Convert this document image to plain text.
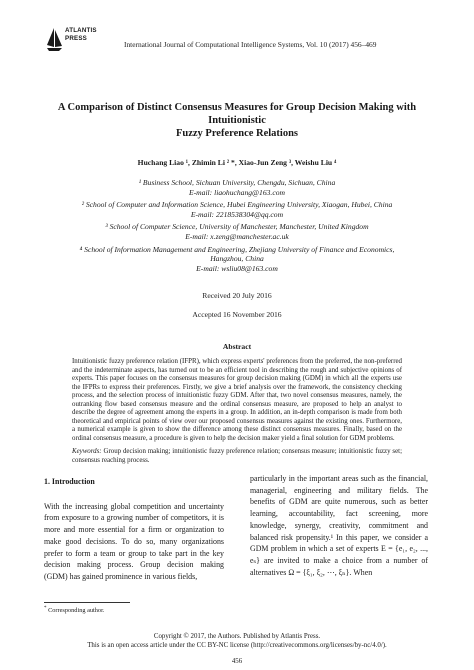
ATLANTIS
PRESS
International Journal of Computational Intelligence Systems, Vol. 10 (2017) 456–469
A Comparison of Distinct Consensus Measures for Group Decision Making with Intuitionistic
Fuzzy Preference Relations
Huchang Liao ¹, Zhimin Li ² *, Xiao-Jun Zeng ³, Weishu Liu ⁴
¹ Business School, Sichuan University, Chengdu, Sichuan, China
E-mail: liaohuchang@163.com
² School of Computer and Information Science, Hubei Engineering University, Xiaogan, Hubei, China
E-mail: 2218538304@qq.com
³ School of Computer Science, University of Manchester, Manchester, United Kingdom
E-mail: x.zeng@manchester.ac.uk
⁴ School of Information Management and Engineering, Zhejiang University of Finance and Economics,
Hangzhou, China
E-mail: wsliu08@163.com
Received 20 July 2016
Accepted 16 November 2016
Abstract
Intuitionistic fuzzy preference relation (IFPR), which express experts' preferences from the preferred, the non-preferred and the indeterminate aspects, has turned out to be an efficient tool in describing the rough and subjective opinions of experts. This paper focuses on the consensus measures for group decision making (GDM) in which all the experts use the IFPRs to express their preferences. Firstly, we give a brief analysis over the framework, the consistency checking process, and the selection process of intuitionistic fuzzy GDM. After that, two novel consensus measures, namely, the outranking flow based consensus measure and the ordinal consensus measure, are proposed to help an analyst to describe the degree of agreement among the experts in a group. In addition, an in-depth comparison is made from both theoretical and empirical points of view over our proposed consensus measures against the existing ones. Furthermore, a numerical example is given to show the difference among these distinct consensus measures. Finally, based on the ordinal consensus measure, a procedure is given to help the decision maker yield a final solution for GDM problems.
Keywords: Group decision making; intuitionistic fuzzy preference relation; consensus measure; intuitionistic fuzzy set; consensus reaching process.
1. Introduction
With the increasing global competition and uncertainty from exposure to a growing number of competitors, it is more and more essential for a firm or organization to make good decisions. To do so, many organizations prefer to form a team or group to take part in the key decision making process. Group decision making (GDM) has gained prominence in various fields,
particularly in the important areas such as the financial, managerial, engineering and military fields. The benefits of GDM are quite numerous, such as better learning, accountability, fact screening, more knowledge, synergy, creativity, commitment and balanced risk propensity.¹ In this paper, we consider a GDM problem in which a set of experts E = {e₁, e₂, ..., eₛ} are invited to make a choice from a number of alternatives Ω = {ξ₁, ξ₂, ⋯, ξₙ}. When
* Corresponding author.
Copyright © 2017, the Authors. Published by Atlantis Press.
This is an open access article under the CC BY-NC license (http://creativecommons.org/licenses/by-nc/4.0/).
456
